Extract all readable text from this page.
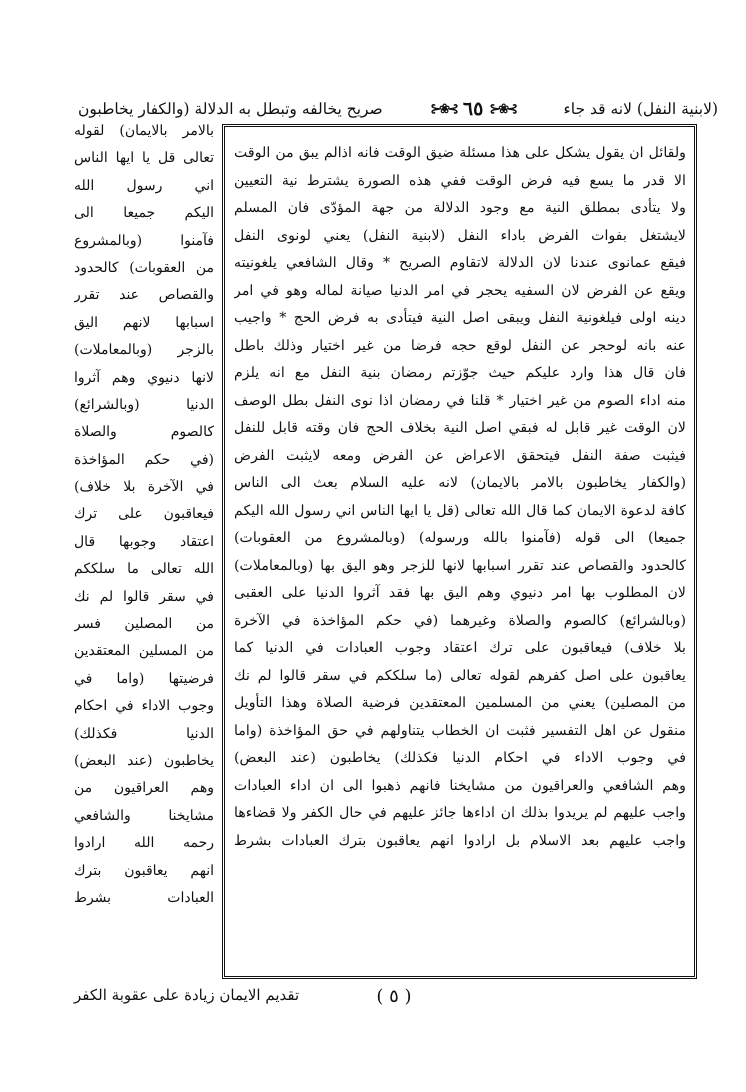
(لابنية النفل) لانه قد جاء
⊱❀⊰
٦٥
⊱❀⊰
صريح يخالفه وتبطل به الدلالة (والكفار يخاطبون
ولقائل ان يقول يشكل على هذا مسئلة ضيق الوقت فانه اذالم يبق من الوقت
الا قدر ما يسع فيه فرض الوقت ففي هذه الصورة يشترط نية التعيين
ولا يتأدى بمطلق النية مع وجود الدلالة من جهة المؤدّى فان المسلم
لايشتغل بفوات الفرض باداء النفل (لابنية النفل) يعني لونوى النفل
فيقع عمانوى عندنا لان الدلالة لاتقاوم الصريح * وقال الشافعي يلغونيته
ويقع عن الفرض لان السفيه يحجر في امر الدنيا صيانة لماله وهو في امر
دينه اولى فيلغونية النفل ويبقى اصل النية فيتأدى به فرض الحج * واجيب
عنه بانه لوحجر عن النفل لوقع حجه فرضا من غير اختيار وذلك باطل
فان قال هذا وارد عليكم حيث جوّزتم رمضان بنية النفل مع انه يلزم
منه اداء الصوم من غير اختيار * قلنا في رمضان اذا نوى النفل بطل الوصف
لان الوقت غير قابل له فبقي اصل النية بخلاف الحج فان وقته قابل للنفل
فيثبت صفة النفل فيتحقق الاعراض عن الفرض ومعه لايثبت الفرض
(والكفار يخاطبون بالامر بالايمان) لانه عليه السلام بعث الى الناس
كافة لدعوة الايمان كما قال الله تعالى (قل يا ايها الناس اني رسول الله اليكم
جميعا) الى قوله (فآمنوا بالله ورسوله) (وبالمشروع من العقوبات)
كالحدود والقصاص عند تقرر اسبابها لانها للزجر وهو اليق بها (وبالمعاملات)
لان المطلوب بها امر دنيوي وهم اليق بها فقد آثروا الدنيا على العقبى
(وبالشرائع) كالصوم والصلاة وغيرهما (في حكم المؤاخذة في الآخرة
بلا خلاف) فيعاقبون على ترك اعتقاد وجوب العبادات في الدنيا كما
يعاقبون على اصل كفرهم لقوله تعالى (ما سلككم في سقر قالوا لم نك
من المصلين) يعني من المسلمين المعتقدين فرضية الصلاة وهذا التأويل
منقول عن اهل التفسير فثبت ان الخطاب يتناولهم في حق المؤاخذة (واما
في وجوب الاداء في احكام الدنيا فكذلك) يخاطبون (عند البعض)
وهم الشافعي والعراقيون من مشايخنا فانهم ذهبوا الى ان اداء العبادات
واجب عليهم لم يريدوا بذلك ان اداءها جائز عليهم في حال الكفر ولا قضاءها
واجب عليهم بعد الاسلام بل ارادوا انهم يعاقبون بترك العبادات بشرط
بالامر بالايمان) لقوله
تعالى قل يا ايها الناس
اني رسول الله
اليكم جميعا الى
فآمنوا (وبالمشروع
من العقوبات) كالحدود
والقصاص عند تقرر
اسبابها لانهم اليق
بالزجر (وبالمعاملات)
لانها دنيوي وهم آثروا
الدنيا (وبالشرائع)
كالصوم والصلاة
(في حكم المؤاخذة
في الآخرة بلا خلاف)
فيعاقبون على ترك
اعتقاد وجوبها قال
الله تعالى ما سلككم
في سقر قالوا لم نك
من المصلين فسر
من المسلين المعتقدين
فرضيتها (واما في
وجوب الاداء في احكام
الدنيا فكذلك)
يخاطبون (عند البعض)
وهم العراقيون من
مشايخنا والشافعي
رحمه الله ارادوا
انهم يعاقبون بترك
العبادات بشرط
( ٥ )
تقديم الايمان زيادة على عقوبة الكفر
